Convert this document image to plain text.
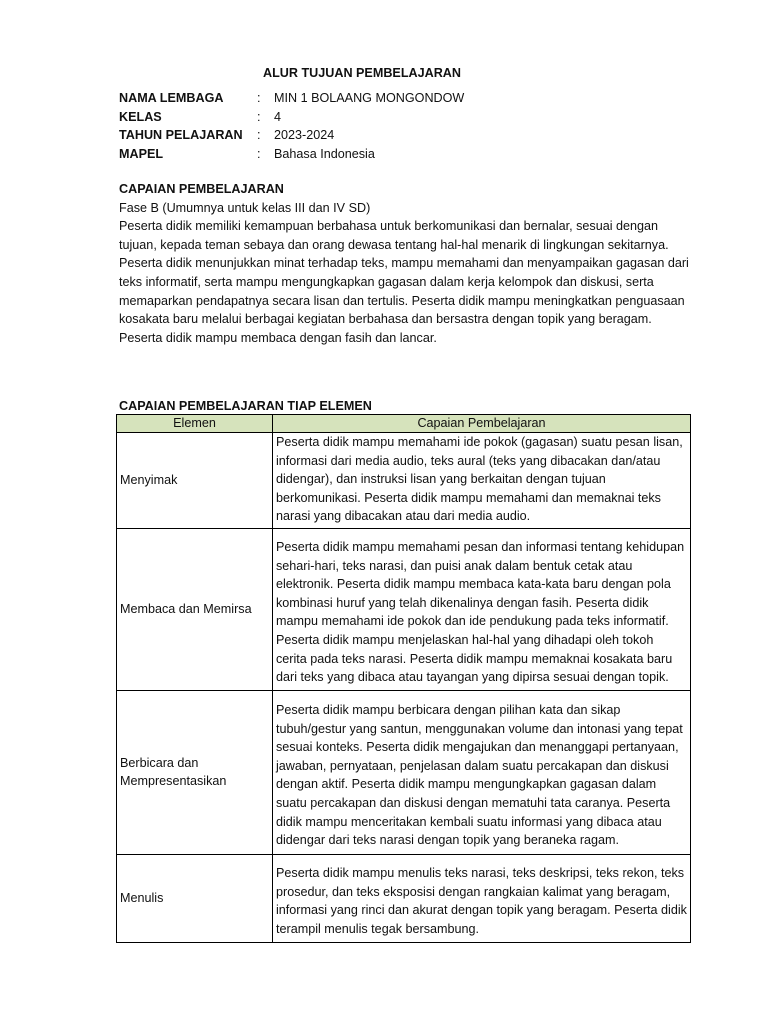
ALUR TUJUAN PEMBELAJARAN
NAMA LEMBAGA	: MIN 1 BOLAANG MONGONDOW
KELAS	: 4
TAHUN PELAJARAN : 2023-2024
MAPEL	: Bahasa Indonesia
CAPAIAN PEMBELAJARAN
Fase B (Umumnya untuk kelas III dan IV SD)

Peserta didik memiliki kemampuan berbahasa untuk berkomunikasi dan bernalar, sesuai dengan tujuan, kepada teman sebaya dan orang dewasa tentang hal-hal menarik di lingkungan sekitarnya. Peserta didik menunjukkan minat terhadap teks, mampu memahami dan menyampaikan gagasan dari teks informatif, serta mampu mengungkapkan gagasan dalam kerja kelompok dan diskusi, serta memaparkan pendapatnya secara lisan dan tertulis. Peserta didik mampu meningkatkan penguasaan kosakata baru melalui berbagai kegiatan berbahasa dan bersastra dengan topik yang beragam. Peserta didik mampu membaca dengan fasih dan lancar.

CAPAIAN PEMBELAJARAN TIAP ELEMEN
Elemen	Capaian Pembelajaran
Menyimak	Peserta didik mampu memahami ide pokok (gagasan) suatu pesan lisan, informasi dari media audio, teks aural (teks yang dibacakan dan/atau didengar), dan instruksi lisan yang berkaitan dengan tujuan berkomunikasi. Peserta didik mampu memahami dan memaknai teks narasi yang dibacakan atau dari media audio.
Membaca dan Memirsa	Peserta didik mampu memahami pesan dan informasi tentang kehidupan sehari-hari, teks narasi, dan puisi anak dalam bentuk cetak atau elektronik. Peserta didik mampu membaca kata-kata baru dengan pola kombinasi huruf yang telah dikenalinya dengan fasih. Peserta didik mampu memahami ide pokok dan ide pendukung pada teks informatif. Peserta didik mampu menjelaskan hal-hal yang dihadapi oleh tokoh cerita pada teks narasi. Peserta didik mampu memaknai kosakata baru dari teks yang dibaca atau tayangan yang dipirsa sesuai dengan topik.
Berbicara dan Mempresentasikan	Peserta didik mampu berbicara dengan pilihan kata dan sikap tubuh/gestur yang santun, menggunakan volume dan intonasi yang tepat sesuai konteks. Peserta didik mengajukan dan menanggapi pertanyaan, jawaban, pernyataan, penjelasan dalam suatu percakapan dan diskusi dengan aktif. Peserta didik mampu mengungkapkan gagasan dalam suatu percakapan dan diskusi dengan mematuhi tata caranya. Peserta didik mampu menceritakan kembali suatu informasi yang dibaca atau didengar dari teks narasi dengan topik yang beraneka ragam.
Menulis	Peserta didik mampu menulis teks narasi, teks deskripsi, teks rekon, teks prosedur, dan teks eksposisi dengan rangkaian kalimat yang beragam, informasi yang rinci dan akurat dengan topik yang beragam. Peserta didik terampil menulis tegak bersambung.
